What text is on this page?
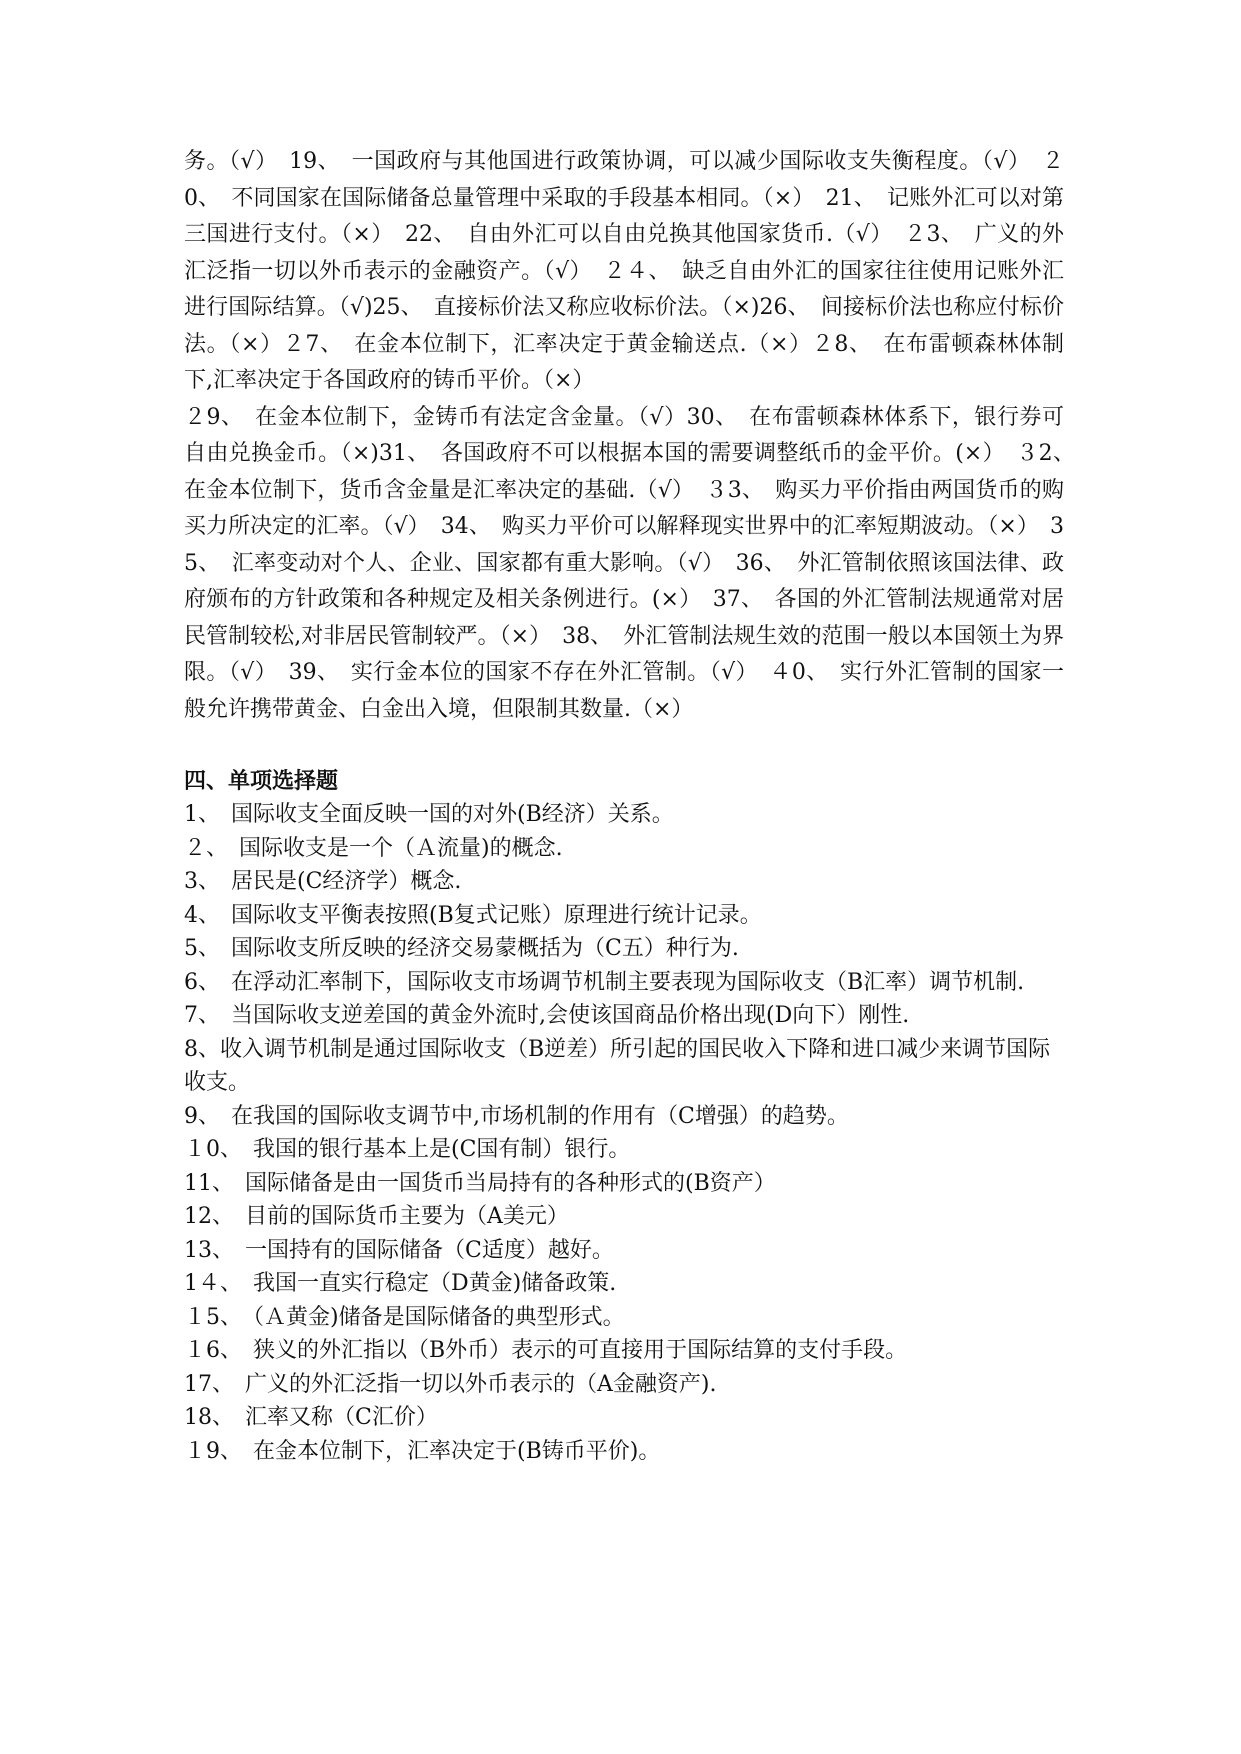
务。（√）　19、　一国政府与其他国进行政策协调，可以减少国际收支失衡程度。（√）　２0、　不同国家在国际储备总量管理中采取的手段基本相同。（×）　21、　记账外汇可以对第三国进行支付。（×）　22、　自由外汇可以自由兑换其他国家货币.（√）　２3、　广义的外汇泛指一切以外币表示的金融资产。（√）　２４、　缺乏自由外汇的国家往往使用记账外汇进行国际结算。（√)25、　直接标价法又称应收标价法。（×)26、　间接标价法也称应付标价法。（×）２7、　在金本位制下，汇率决定于黄金输送点.（×）２8、　在布雷顿森林体制下,汇率决定于各国政府的铸币平价。（×）

２9、　在金本位制下，金铸币有法定含金量。（√）30、　在布雷顿森林体系下，银行券可自由兑换金币。（×)31、　各国政府不可以根据本国的需要调整纸币的金平价。(×）　３2、　在金本位制下，货币含金量是汇率决定的基础.（√）　３3、　购买力平价指由两国货币的购买力所决定的汇率。（√）　34、　购买力平价可以解释现实世界中的汇率短期波动。（×）　35、　汇率变动对个人、企业、国家都有重大影响。（√）　36、　外汇管制依照该国法律、政府颁布的方针政策和各种规定及相关条例进行。(×）　37、　各国的外汇管制法规通常对居民管制较松,对非居民管制较严。（×）　38、　外汇管制法规生效的范围一般以本国领土为界限。（√）　39、　实行金本位的国家不存在外汇管制。（√）　４0、　实行外汇管制的国家一般允许携带黄金、白金出入境，但限制其数量.（×）

四、单项选择题
1、　国际收支全面反映一国的对外(B经济）关系。
２、　国际收支是一个（Ａ流量)的概念.
3、　居民是(C经济学）概念.
4、　国际收支平衡表按照(B复式记账）原理进行统计记录。
5、　国际收支所反映的经济交易蒙概括为（C五）种行为.
6、　在浮动汇率制下，国际收支市场调节机制主要表现为国际收支（B汇率）调节机制.
7、　当国际收支逆差国的黄金外流时,会使该国商品价格出现(D向下）刚性.
8、收入调节机制是通过国际收支（B逆差）所引起的国民收入下降和进口减少来调节国际收支。
9、　在我国的国际收支调节中,市场机制的作用有（C增强）的趋势。
１0、　我国的银行基本上是(C国有制）银行。
11、　国际储备是由一国货币当局持有的各种形式的(B资产）
12、　目前的国际货币主要为（A美元）
13、　一国持有的国际储备（C适度）越好。
1４、　我国一直实行稳定（D黄金)储备政策.
１5、　（Ａ黄金)储备是国际储备的典型形式。
１6、　狭义的外汇指以（B外币）表示的可直接用于国际结算的支付手段。
17、　广义的外汇泛指一切以外币表示的（A金融资产).
18、　汇率又称（C汇价）
１9、　在金本位制下，汇率决定于(B铸币平价)。
